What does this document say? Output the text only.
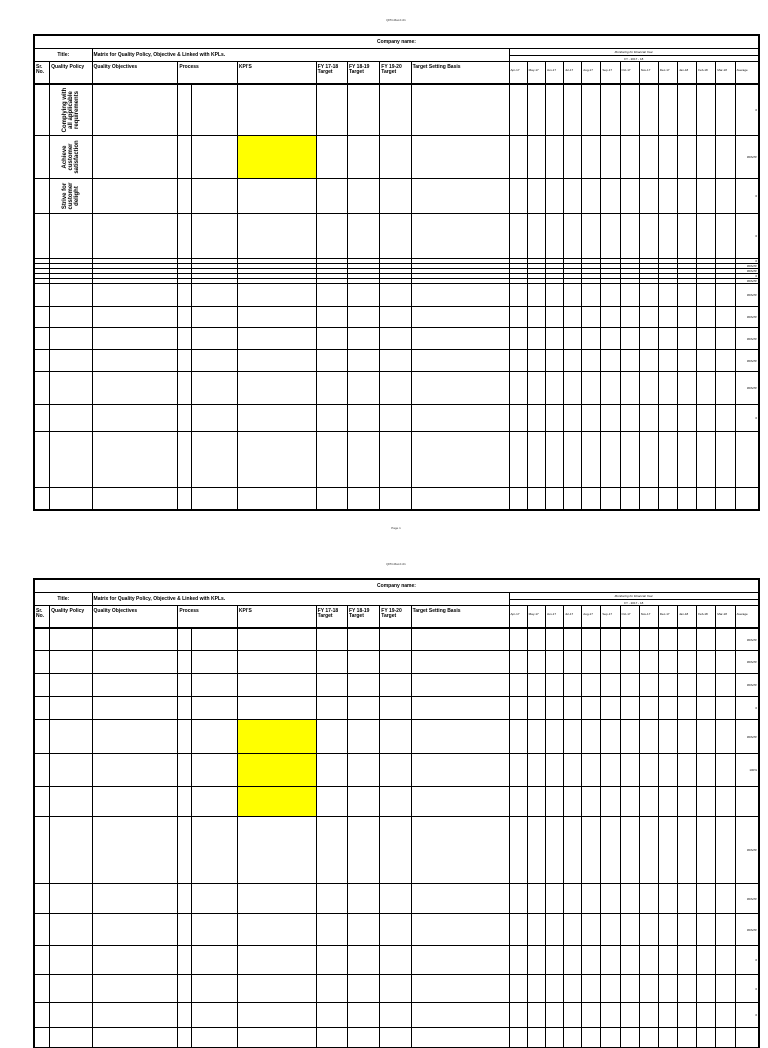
QPD-Mat-F-01
Company name:																					
Title:		Matrix for Quality Policy, Objective & Linked with KPLs.							Monitoring for Financial Year												
									FY - 2017 - 18												
Sr. No.	Quality Policy	Quality Objectives	Process	KPI'S	FY 17-18 Target	FY 18-19 Target	FY 19-20 Target	Target Setting Basis	Apr-17	May-17	Jun-17	Jul-17	Aug-17	Sep-17	Oct-17	Nov-17	Dec-17	Jan-18	Feb-18	Mar-18	Average

	Complying with all applicable requirements																					0

	Achieve customer satisfaction																					#DIV/0!

	Strive for customer delight																					0
																						0
																						0
																						#DIV/0!
																						#DIV/0!
																						0
																						#DIV/0!
																						#DIV/0!
																						#DIV/0!
																						#DIV/0!
																						#DIV/0!
																						#DIV/0!
																						0

Page 1
QPD-Mat-F-01
Company name:																					
Title:		Matrix for Quality Policy, Objective & Linked with KPLs.							Monitoring for Financial Year												
									FY - 2017 - 18												
Sr. No.	Quality Policy	Quality Objectives	Process	KPI'S	FY 17-18 Target	FY 18-19 Target	FY 19-20 Target	Target Setting Basis	Apr-17	May-17	Jun-17	Jul-17	Aug-17	Sep-17	Oct-17	Nov-17	Dec-17	Jan-18	Feb-18	Mar-18	Average
																						#DIV/0!
																						#DIV/0!
																						#DIV/0!
																						0
																						#DIV/0!
																						100%

																						#DIV/0!
																						#DIV/0!
																						#DIV/0!
																						0
																						0
																						0
